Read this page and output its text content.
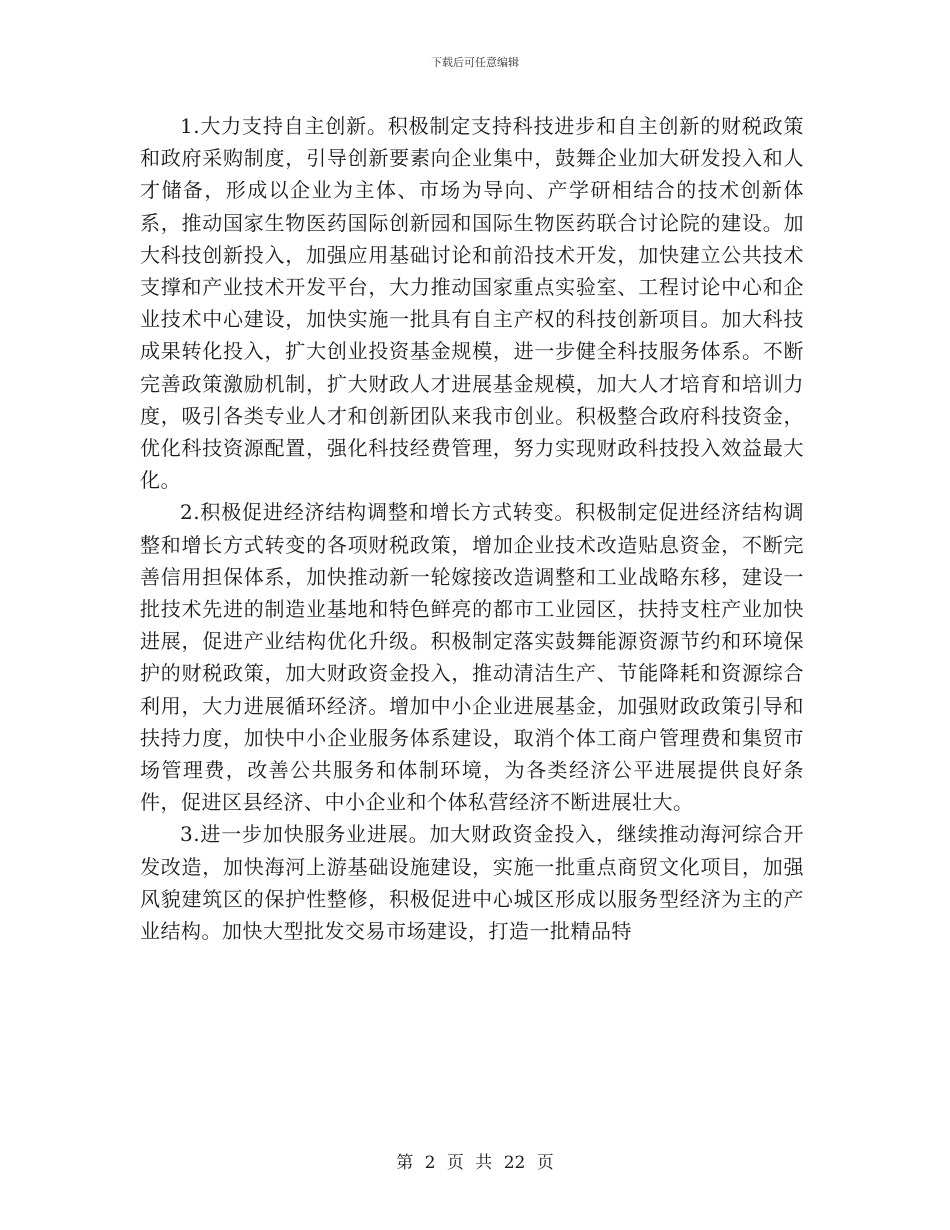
下载后可任意编辑

1.大力支持自主创新。积极制定支持科技进步和自主创新的财税政策和政府采购制度，引导创新要素向企业集中，鼓舞企业加大研发投入和人才储备，形成以企业为主体、市场为导向、产学研相结合的技术创新体系，推动国家生物医药国际创新园和国际生物医药联合讨论院的建设。加大科技创新投入，加强应用基础讨论和前沿技术开发，加快建立公共技术支撑和产业技术开发平台，大力推动国家重点实验室、工程讨论中心和企业技术中心建设，加快实施一批具有自主产权的科技创新项目。加大科技成果转化投入，扩大创业投资基金规模，进一步健全科技服务体系。不断完善政策激励机制，扩大财政人才进展基金规模，加大人才培育和培训力度，吸引各类专业人才和创新团队来我市创业。积极整合政府科技资金，优化科技资源配置，强化科技经费管理，努力实现财政科技投入效益最大化。

2.积极促进经济结构调整和增长方式转变。积极制定促进经济结构调整和增长方式转变的各项财税政策，增加企业技术改造贴息资金，不断完善信用担保体系，加快推动新一轮嫁接改造调整和工业战略东移，建设一批技术先进的制造业基地和特色鲜亮的都市工业园区，扶持支柱产业加快进展，促进产业结构优化升级。积极制定落实鼓舞能源资源节约和环境保护的财税政策，加大财政资金投入，推动清洁生产、节能降耗和资源综合利用，大力进展循环经济。增加中小企业进展基金，加强财政政策引导和扶持力度，加快中小企业服务体系建设，取消个体工商户管理费和集贸市场管理费，改善公共服务和体制环境，为各类经济公平进展提供良好条件，促进区县经济、中小企业和个体私营经济不断进展壮大。

3.进一步加快服务业进展。加大财政资金投入，继续推动海河综合开发改造，加快海河上游基础设施建设，实施一批重点商贸文化项目，加强风貌建筑区的保护性整修，积极促进中心城区形成以服务型经济为主的产业结构。加快大型批发交易市场建设，打造一批精品特

第 2 页 共 22 页
